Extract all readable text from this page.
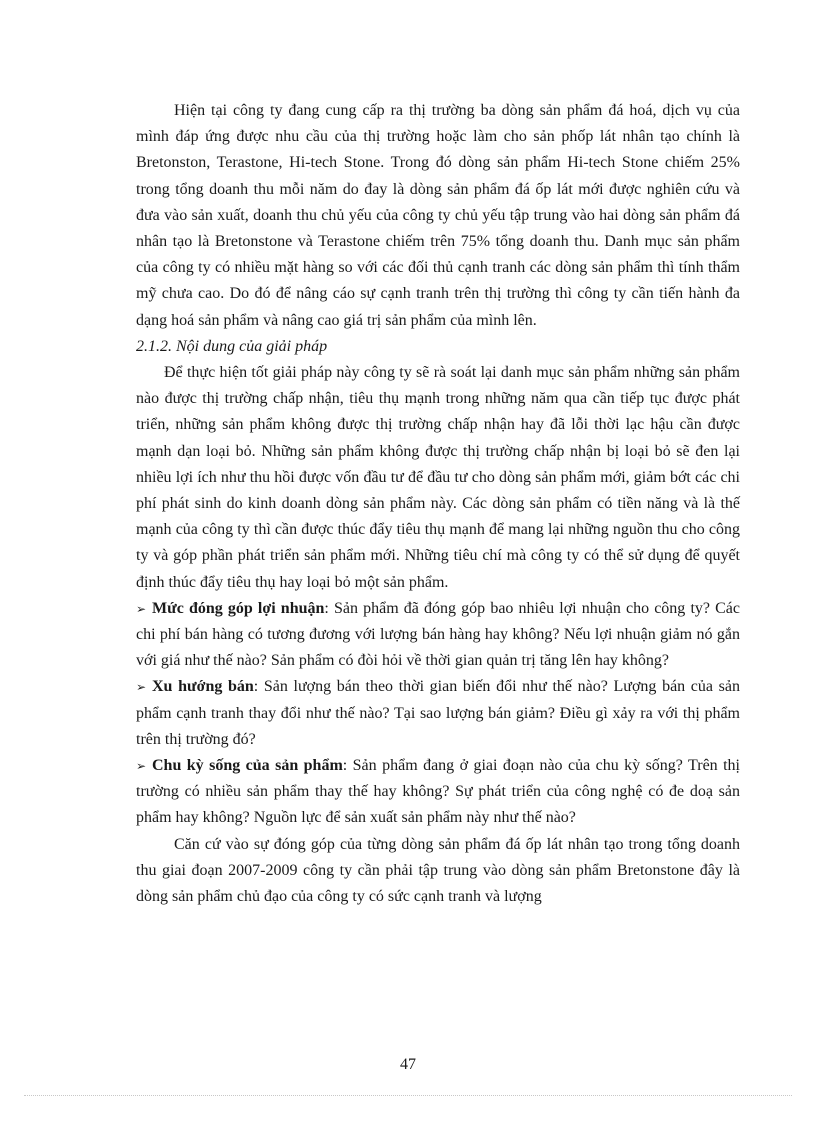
Hiện tại công ty đang cung cấp ra thị trường ba dòng sản phẩm đá hoá, dịch vụ của mình đáp ứng được nhu cầu của thị trường hoặc làm cho sản phốp lát nhân tạo chính là Bretonston, Terastone, Hi-tech Stone. Trong đó dòng sản phẩm Hi-tech Stone chiếm 25% trong tổng doanh thu mỗi năm do đay là dòng sản phẩm đá ốp lát mới được nghiên cứu và đưa vào sản xuất, doanh thu chủ yếu của công ty chủ yếu tập trung vào hai dòng sản phẩm đá nhân tạo là Bretonstone và Terastone chiếm trên 75% tổng doanh thu. Danh mục sản phẩm của công ty có nhiều mặt hàng so với các đối thủ cạnh tranh các dòng sản phẩm thì tính thẩm mỹ chưa cao. Do đó để nâng cáo sự cạnh tranh trên thị trường thì công ty cần tiến hành đa dạng hoá sản phẩm và nâng cao giá trị sản phẩm của mình lên.

2.1.2. Nội dung của giải pháp

Để thực hiện tốt giải pháp này công ty sẽ rà soát lại danh mục sản phẩm những sản phẩm nào được thị trường chấp nhận, tiêu thụ mạnh trong những năm qua cần tiếp tục được phát triển, những sản phẩm không được thị trường chấp nhận hay đã lỗi thời lạc hậu cần được mạnh dạn loại bỏ. Những sản phẩm không được thị trường chấp nhận bị loại bỏ sẽ đen lại nhiều lợi ích như thu hồi được vốn đầu tư để đầu tư cho dòng sản phẩm mới, giảm bớt các chi phí phát sinh do kinh doanh dòng sản phẩm này. Các dòng sản phẩm có tiền năng và là thế mạnh của công ty thì cần được thúc đẩy tiêu thụ mạnh để mang lại những nguồn thu cho công ty và góp phần phát triển sản phẩm mới. Những tiêu chí mà công ty có thể sử dụng để quyết định thúc đẩy tiêu thụ hay loại bỏ một sản phẩm.

➢ Mức đóng góp lợi nhuận: Sản phẩm đã đóng góp bao nhiêu lợi nhuận cho công ty? Các chi phí bán hàng có tương đương với lượng bán hàng hay không? Nếu lợi nhuận giảm nó gắn với giá như thế nào? Sản phẩm có đòi hỏi về thời gian quản trị tăng lên hay không?
➢ Xu hướng bán: Sản lượng bán theo thời gian biến đổi như thế nào? Lượng bán của sản phẩm cạnh tranh thay đổi như thế nào? Tại sao lượng bán giảm? Điều gì xảy ra với thị phẩm trên thị trường đó?
➢ Chu kỳ sống của sản phẩm: Sản phẩm đang ở giai đoạn nào của chu kỳ sống? Trên thị trường có nhiều sản phẩm thay thế hay không? Sự phát triển của công nghệ có đe doạ sản phẩm hay không? Nguồn lực để sản xuất sản phẩm này như thế nào?

Căn cứ vào sự đóng góp của từng dòng sản phẩm đá ốp lát nhân tạo trong tổng doanh thu giai đoạn 2007-2009 công ty cần phải tập trung vào dòng sản phẩm Bretonstone đây là dòng sản phẩm chủ đạo của công ty có sức cạnh tranh và lượng

47
